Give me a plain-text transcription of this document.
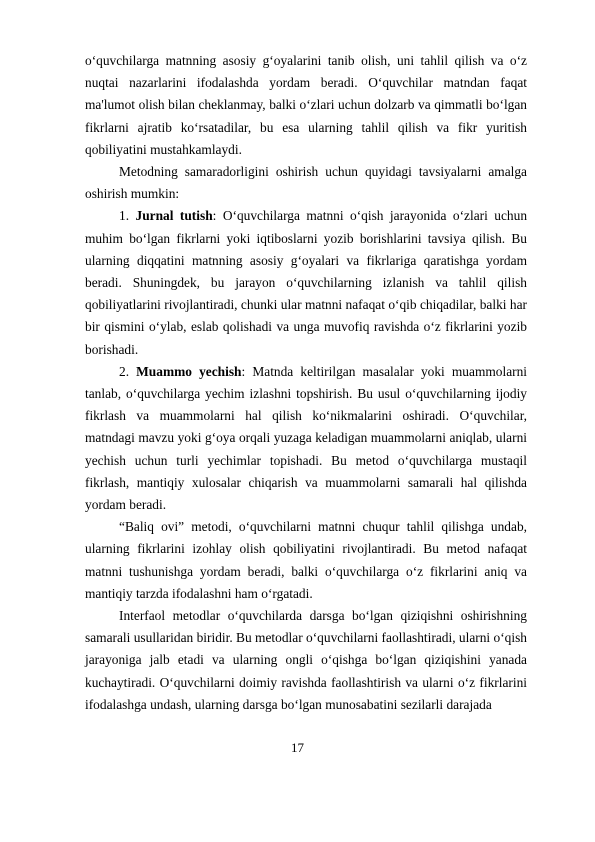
o‘quvchilarga matnning asosiy g‘oyalarini tanib olish, uni tahlil qilish va o‘z nuqtai nazarlarini ifodalashda yordam beradi. O‘quvchilar matndan faqat ma'lumot olish bilan cheklanmay, balki o‘zlari uchun dolzarb va qimmatli bo‘lgan fikrlarni ajratib ko‘rsatadilar, bu esa ularning tahlil qilish va fikr yuritish qobiliyatini mustahkamlaydi.

Metodning samaradorligini oshirish uchun quyidagi tavsiyalarni amalga oshirish mumkin:

1. Jurnal tutish: O‘quvchilarga matnni o‘qish jarayonida o‘zlari uchun muhim bo‘lgan fikrlarni yoki iqtiboslarni yozib borishlarini tavsiya qilish. Bu ularning diqqatini matnning asosiy g‘oyalari va fikrlariga qaratishga yordam beradi. Shuningdek, bu jarayon o‘quvchilarning izlanish va tahlil qilish qobiliyatlarini rivojlantiradi, chunki ular matnni nafaqat o‘qib chiqadilar, balki har bir qismini o‘ylab, eslab qolishadi va unga muvofiq ravishda o‘z fikrlarini yozib borishadi.

2. Muammo yechish: Matnda keltirilgan masalalar yoki muammolarni tanlab, o‘quvchilarga yechim izlashni topshirish. Bu usul o‘quvchilarning ijodiy fikrlash va muammolarni hal qilish ko‘nikmalarini oshiradi. O‘quvchilar, matndagi mavzu yoki g‘oya orqali yuzaga keladigan muammolarni aniqlab, ularni yechish uchun turli yechimlar topishadi. Bu metod o‘quvchilarga mustaqil fikrlash, mantiqiy xulosalar chiqarish va muammolarni samarali hal qilishda yordam beradi.

“Baliq ovi” metodi, o‘quvchilarni matnni chuqur tahlil qilishga undab, ularning fikrlarini izohlay olish qobiliyatini rivojlantiradi. Bu metod nafaqat matnni tushunishga yordam beradi, balki o‘quvchilarga o‘z fikrlarini aniq va mantiqiy tarzda ifodalashni ham o‘rgatadi.

Interfaol metodlar o‘quvchilarda darsga bo‘lgan qiziqishni oshirishning samarali usullaridan biridir. Bu metodlar o‘quvchilarni faollashtiradi, ularni o‘qish jarayoniga jalb etadi va ularning ongli o‘qishga bo‘lgan qiziqishini yanada kuchaytiradi. O‘quvchilarni doimiy ravishda faollashtirish va ularni o‘z fikrlarini ifodalashga undash, ularning darsga bo‘lgan munosabatini sezilarli darajada

17
